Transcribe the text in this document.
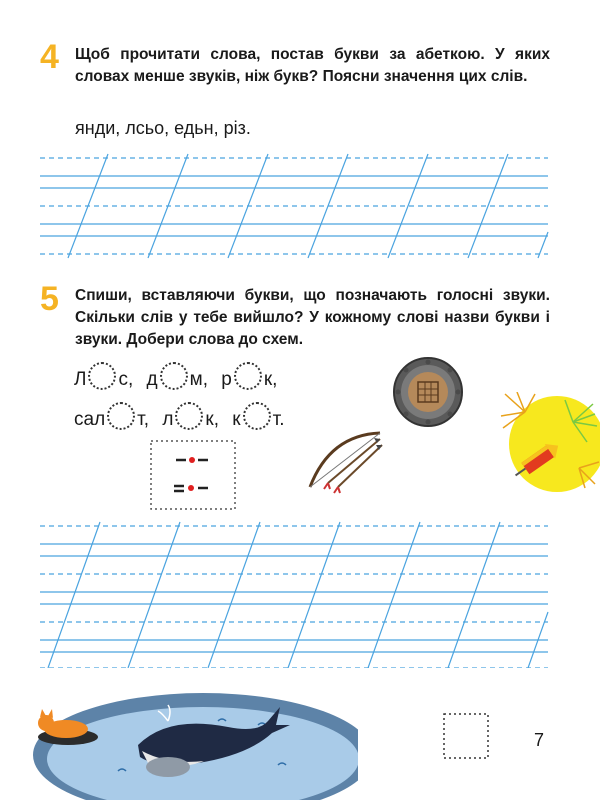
4 Щоб прочитати слова, постав букви за абеткою. У яких словах менше звуків, ніж букв? Поясни значення цих слів.
янди, лсьо, едьн, різ.
5 Спиши, вставляючи букви, що позначають голосні звуки. Скільки слів у тебе вийшло? У кожному слові назви букви і звуки. Добери слова до схем.
Л с, д м, р к,
сал т, л к, к т.
7
